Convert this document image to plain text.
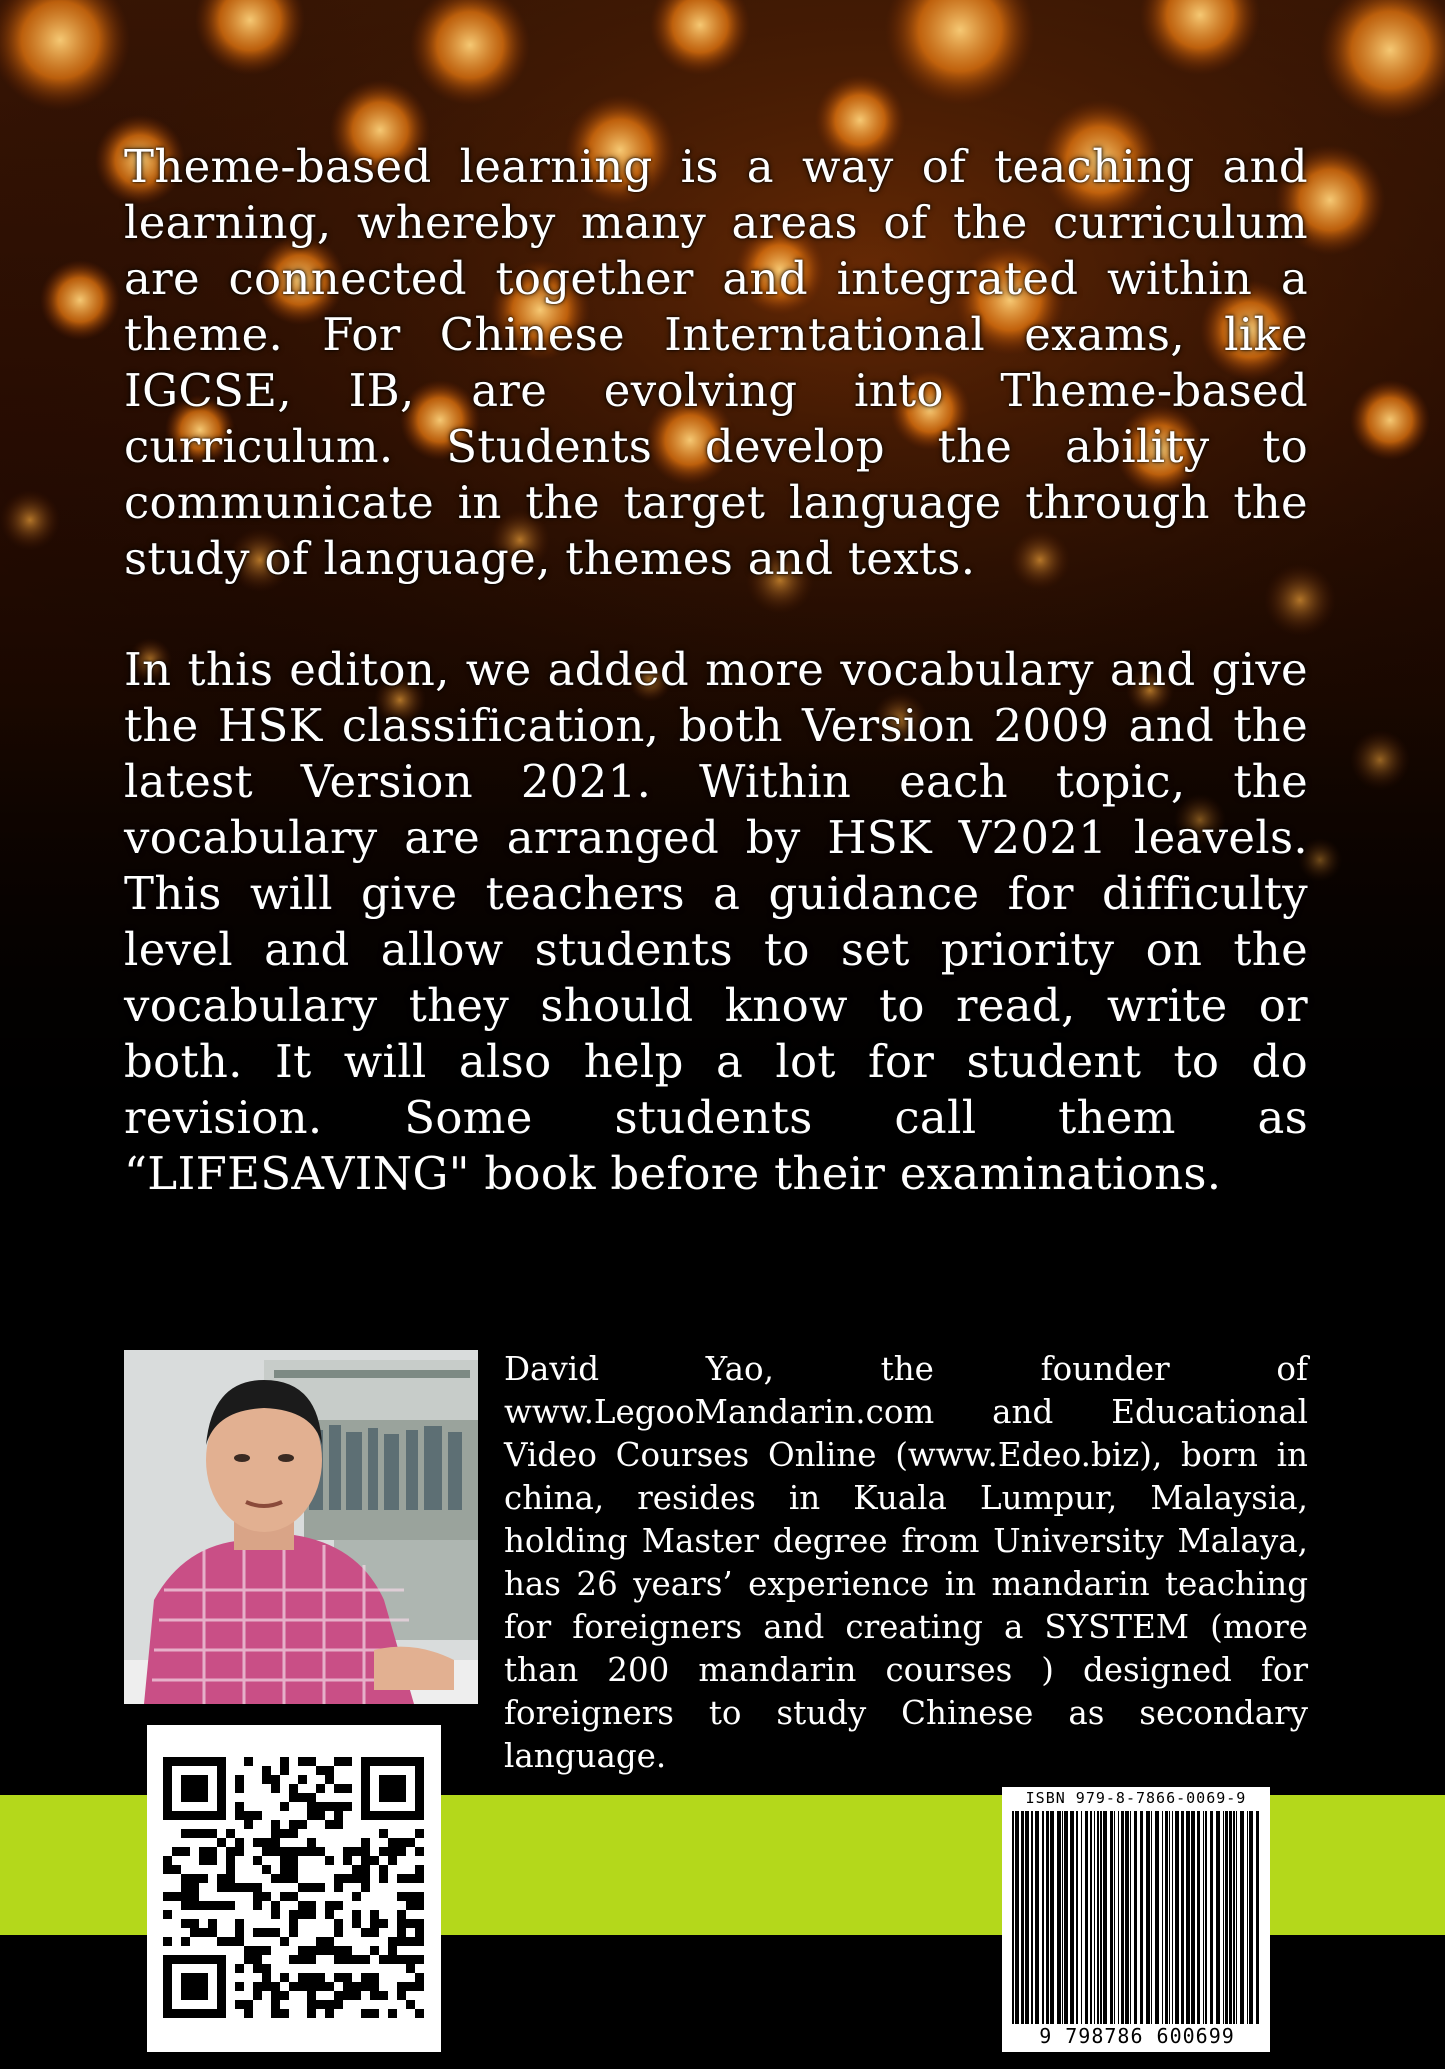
Theme-based learning is a way of teaching and learning, whereby many areas of the curriculum are connected together and integrated within a theme. For Chinese Interntational exams, like IGCSE, IB, are evolving into Theme-based curriculum. Students develop the ability to communicate in the target language through the study of language, themes and texts.
In this editon, we added more vocabulary and give the HSK classification, both Version 2009 and the latest Version 2021. Within each topic, the vocabulary are arranged by HSK V2021 leavels. This will give teachers a guidance for difficulty level and allow students to set priority on the vocabulary they should know to read, write or both. It will also help a lot for student to do revision. Some students call them as “LIFESAVING" book before their examinations.
David Yao, the founder of www.LegooMandarin.com and Educational Video Courses Online (www.Edeo.biz), born in china, resides in Kuala Lumpur, Malaysia, holding Master degree from University Malaya, has 26 years’ experience in mandarin teaching for foreigners and creating a SYSTEM (more than 200 mandarin courses ) designed for foreigners to study Chinese as secondary language.
ISBN 979-8-7866-0069-9
9 798786 600699
